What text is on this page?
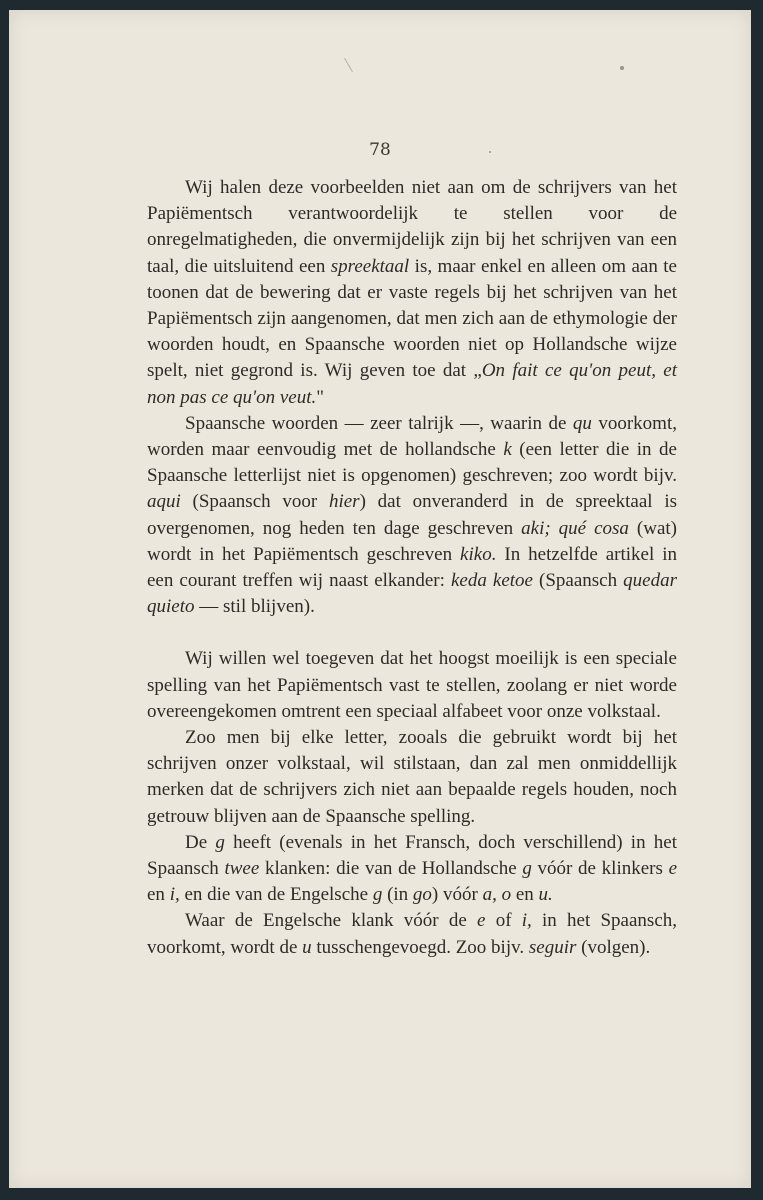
78

Wij halen deze voorbeelden niet aan om de schrijvers van het Papiëmentsch verantwoordelijk te stellen voor de onregelmatigheden, die onvermijdelijk zijn bij het schrijven van een taal, die uitsluitend een spreektaal is, maar enkel en alleen om aan te toonen dat de bewering dat er vaste regels bij het schrijven van het Papiëmentsch zijn aangenomen, dat men zich aan de ethymologie der woorden houdt, en Spaansche woorden niet op Hollandsche wijze spelt, niet gegrond is. Wij geven toe dat „On fait ce qu'on peut, et non pas ce qu'on veut."

Spaansche woorden — zeer talrijk —, waarin de qu voorkomt, worden maar eenvoudig met de hollandsche k (een letter die in de Spaansche letterlijst niet is opgenomen) geschreven; zoo wordt bijv. aqui (Spaansch voor hier) dat onveranderd in de spreektaal is overgenomen, nog heden ten dage geschreven aki; qué cosa (wat) wordt in het Papiëmentsch geschreven kiko. In hetzelfde artikel in een courant treffen wij naast elkander: keda ketoe (Spaansch quedar quieto — stil blijven).

Wij willen wel toegeven dat het hoogst moeilijk is een speciale spelling van het Papiëmentsch vast te stellen, zoolang er niet worde overeengekomen omtrent een speciaal alfabeet voor onze volkstaal.

Zoo men bij elke letter, zooals die gebruikt wordt bij het schrijven onzer volkstaal, wil stilstaan, dan zal men onmiddellijk merken dat de schrijvers zich niet aan bepaalde regels houden, noch getrouw blijven aan de Spaansche spelling.

De g heeft (evenals in het Fransch, doch verschillend) in het Spaansch twee klanken: die van de Hollandsche g vóór de klinkers e en i, en die van de Engelsche g (in go) vóór a, o en u.

Waar de Engelsche klank vóór de e of i, in het Spaansch, voorkomt, wordt de u tusschengevoegd. Zoo bijv. seguir (volgen).
